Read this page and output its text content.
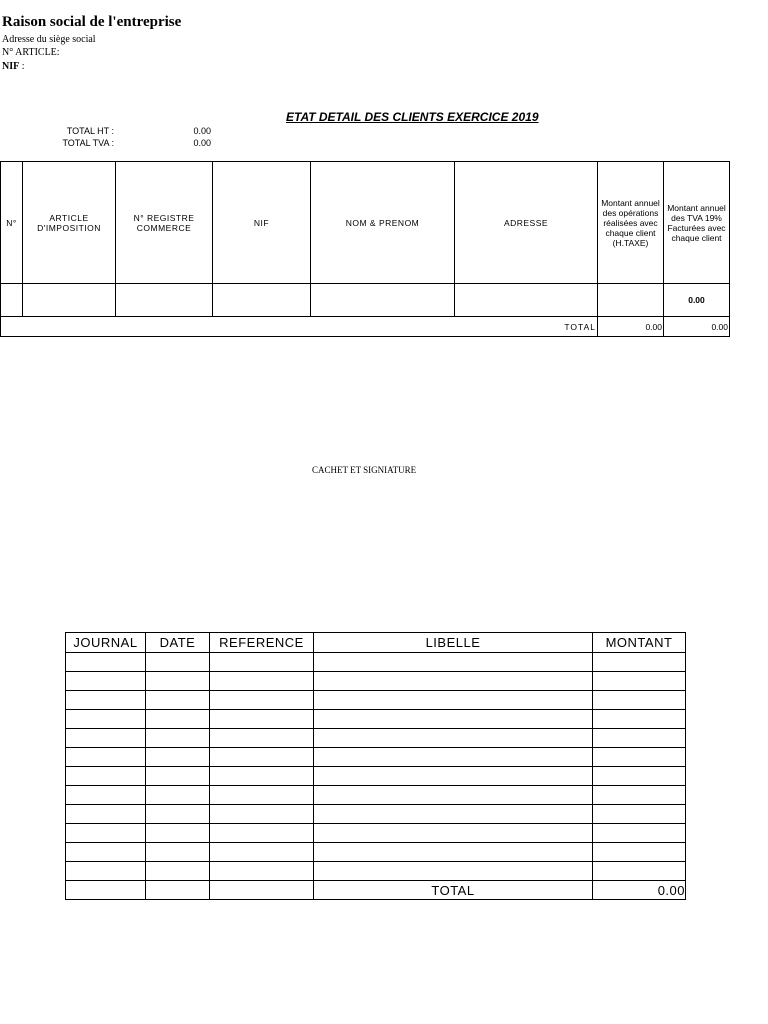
Raison social de l'entreprise
Adresse du siège social
N° ARTICLE:
NIF :
ETAT DETAIL DES CLIENTS EXERCICE 2019
TOTAL HT :	0.00
TOTAL TVA :	0.00
N°	ARTICLE D'IMPOSITION	N° REGISTRE COMMERCE	NIF	NOM & PRENOM	ADRESSE	Montant annuel des opérations réalisées avec chaque client (H.TAXE)	Montant annuel des TVA 19% Facturées avec chaque client
							0.00
TOTAL						0.00	0.00
CACHET ET SIGNIATURE
JOURNAL	DATE	REFERENCE	LIBELLE	MONTANT

			TOTAL	0.00
